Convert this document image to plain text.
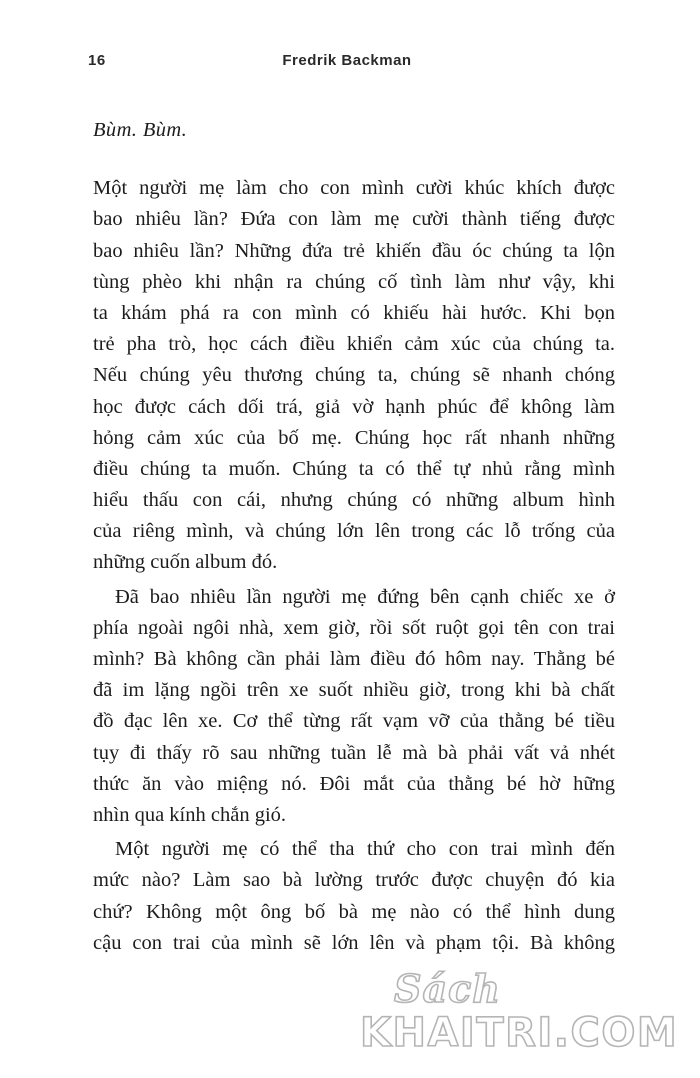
16	Fredrik Backman
Bùm. Bùm.
Một người mẹ làm cho con mình cười khúc khích được
bao nhiêu lần? Đứa con làm mẹ cười thành tiếng được
bao nhiêu lần? Những đứa trẻ khiến đầu óc chúng ta lộn
tùng phèo khi nhận ra chúng cố tình làm như vậy, khi
ta khám phá ra con mình có khiếu hài hước. Khi bọn
trẻ pha trò, học cách điều khiển cảm xúc của chúng ta.
Nếu chúng yêu thương chúng ta, chúng sẽ nhanh chóng
học được cách dối trá, giả vờ hạnh phúc để không làm
hỏng cảm xúc của bố mẹ. Chúng học rất nhanh những
điều chúng ta muốn. Chúng ta có thể tự nhủ rằng mình
hiểu thấu con cái, nhưng chúng có những album hình
của riêng mình, và chúng lớn lên trong các lỗ trống của
những cuốn album đó.
Đã bao nhiêu lần người mẹ đứng bên cạnh chiếc xe ở
phía ngoài ngôi nhà, xem giờ, rồi sốt ruột gọi tên con trai
mình? Bà không cần phải làm điều đó hôm nay. Thằng bé
đã im lặng ngồi trên xe suốt nhiều giờ, trong khi bà chất
đồ đạc lên xe. Cơ thể từng rất vạm vỡ của thằng bé tiều
tụy đi thấy rõ sau những tuần lễ mà bà phải vất vả nhét
thức ăn vào miệng nó. Đôi mắt của thằng bé hờ hững
nhìn qua kính chắn gió.
Một người mẹ có thể tha thứ cho con trai mình đến
mức nào? Làm sao bà lường trước được chuyện đó kia
chứ? Không một ông bố bà mẹ nào có thể hình dung
cậu con trai của mình sẽ lớn lên và phạm tội. Bà không
Sách
KHAITRI.COM
